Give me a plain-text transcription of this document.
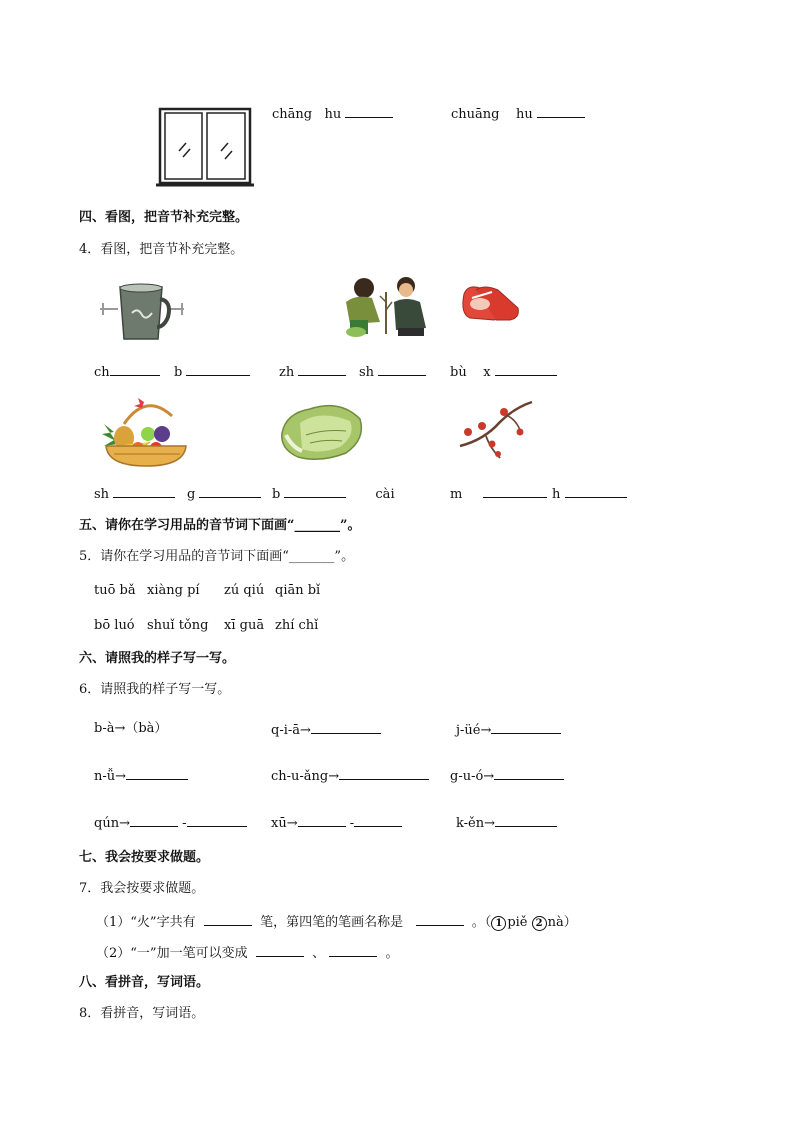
chāng hu	chuāng hu
四、看图，把音节补充完整。
4．看图，把音节补充完整。
ch	b	zh	sh	bù x
sh	g	b	cài	m	h
五、请你在学习用品的音节词下面画“_______”。
5．请你在学习用品的音节词下面画“_______”。
tuō bǎ xiàng pí zú qiú qiān bǐ
bō luó shuǐ tǒng xī guā zhí chǐ
六、请照我的样子写一写。
6．请照我的样子写一写。
b-à→（bà）	q-i-ā→	j-üé→
n-ǚ→	ch-u-ǎng→	g-u-ó→
qún→	-	xū→	-	k-ěn→
七、我会按要求做题。
7．我会按要求做题。
（1）“火”字共有	笔，第四笔的笔画名称是	。（ 1 piě 2 nà）
（2）“一”加一笔可以变成	、	。
八、看拼音，写词语。
8．看拼音，写词语。
